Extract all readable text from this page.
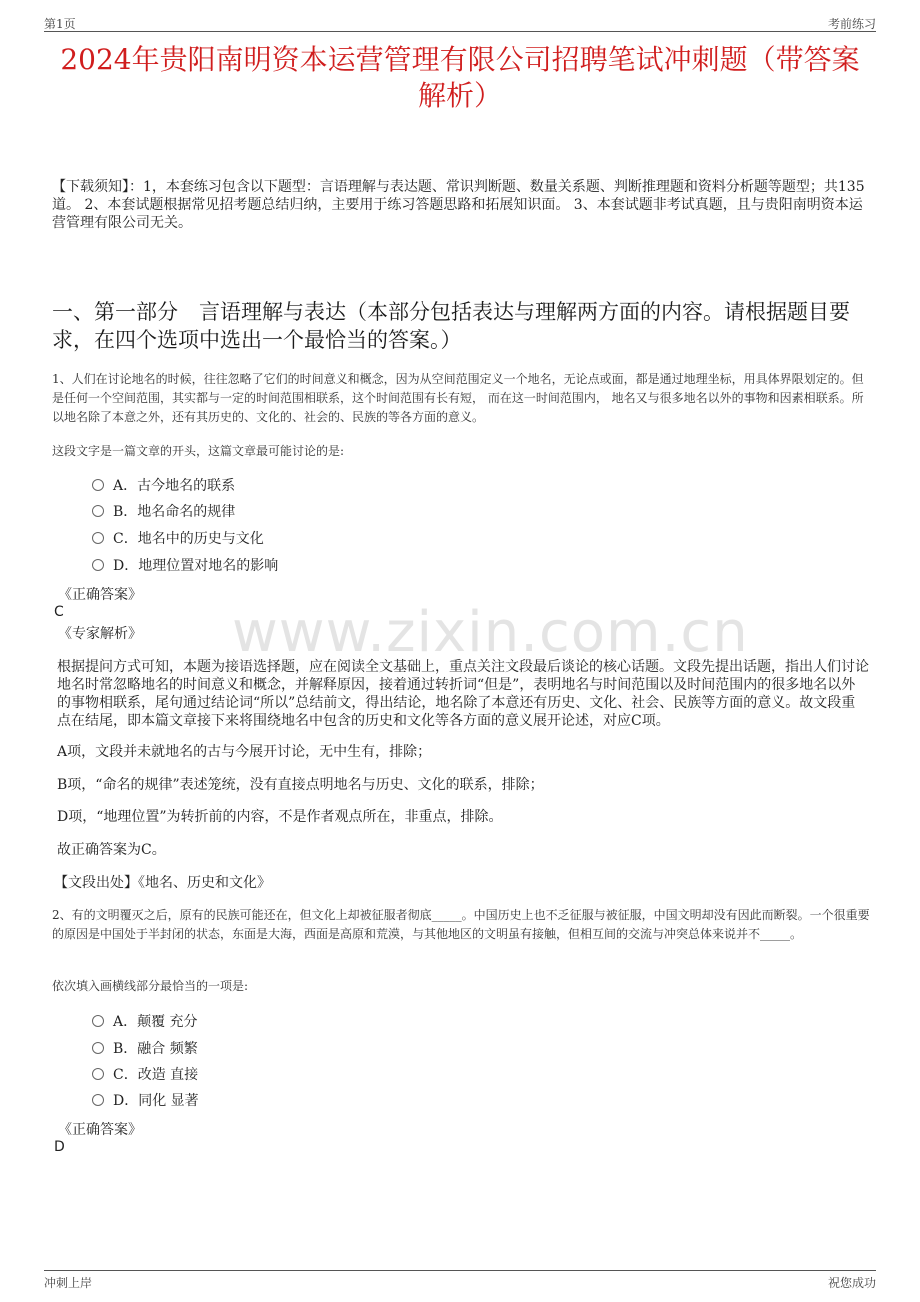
第1页	考前练习
2024年贵阳南明资本运营管理有限公司招聘笔试冲刺题（带答案解析）
【下载须知】：1，本套练习包含以下题型：言语理解与表达题、常识判断题、数量关系题、判断推理题和资料分析题等题型；共135道。 2、本套试题根据常见招考题总结归纳，主要用于练习答题思路和拓展知识面。 3、本套试题非考试真题，且与贵阳南明资本运营管理有限公司无关。
一、第一部分　言语理解与表达（本部分包括表达与理解两方面的内容。请根据题目要求，在四个选项中选出一个最恰当的答案。）
www.zixin.com.cn
1、人们在讨论地名的时候，往往忽略了它们的时间意义和概念，因为从空间范围定义一个地名，无论点或面，都是通过地理坐标，用具体界限划定的。但是任何一个空间范围，其实都与一定的时间范围相联系，这个时间范围有长有短， 而在这一时间范围内， 地名又与很多地名以外的事物和因素相联系。所以地名除了本意之外，还有其历史的、文化的、社会的、民族的等各方面的意义。
这段文字是一篇文章的开头，这篇文章最可能讨论的是:
A．古今地名的联系
B．地名命名的规律
C．地名中的历史与文化
D．地理位置对地名的影响
《正确答案》
C
《专家解析》
根据提问方式可知，本题为接语选择题，应在阅读全文基础上，重点关注文段最后谈论的核心话题。文段先提出话题，指出人们讨论地名时常忽略地名的时间意义和概念，并解释原因，接着通过转折词“但是”，表明地名与时间范围以及时间范围内的很多地名以外的事物相联系，尾句通过结论词“所以”总结前文，得出结论，地名除了本意还有历史、文化、社会、民族等方面的意义。故文段重点在结尾，即本篇文章接下来将围绕地名中包含的历史和文化等各方面的意义展开论述，对应C项。
A项，文段并未就地名的古与今展开讨论，无中生有，排除；
B项，“命名的规律”表述笼统，没有直接点明地名与历史、文化的联系，排除；
D项，“地理位置”为转折前的内容，不是作者观点所在，非重点，排除。
故正确答案为C。
【文段出处】《地名、历史和文化》
2、有的文明覆灭之后，原有的民族可能还在，但文化上却被征服者彻底_____。中国历史上也不乏征服与被征服，中国文明却没有因此而断裂。一个很重要的原因是中国处于半封闭的状态，东面是大海，西面是高原和荒漠，与其他地区的文明虽有接触，但相互间的交流与冲突总体来说并不_____。
依次填入画横线部分最恰当的一项是:
A．颠覆 充分
B．融合 频繁
C．改造 直接
D．同化 显著
《正确答案》
D
冲刺上岸	祝您成功
